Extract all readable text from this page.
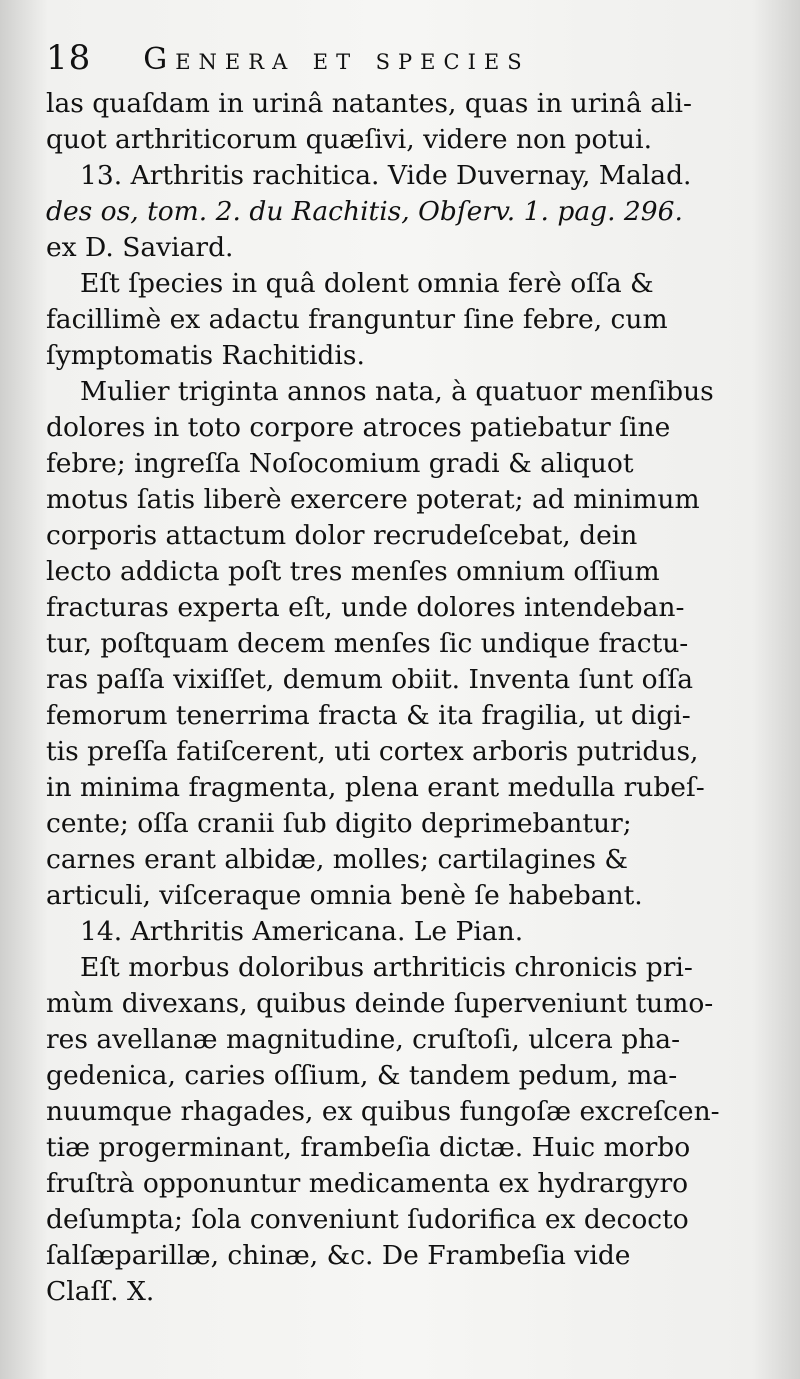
18 Genera et species
las quaſdam in urinâ natantes, quas in urinâ ali-
quot arthriticorum quæſivi, videre non potui.
13. Arthritis rachitica. Vide Duvernay, Malad.
des os, tom. 2. du Rachitis, Obſerv. 1. pag. 296.
ex D. Saviard.
Eſt ſpecies in quâ dolent omnia ferè oſſa &
facillimè ex adactu franguntur ſine febre, cum
ſymptomatis Rachitidis.
Mulier triginta annos nata, à quatuor menſibus
dolores in toto corpore atroces patiebatur ſine
febre; ingreſſa Noſocomium gradi & aliquot
motus ſatis liberè exercere poterat; ad minimum
corporis attactum dolor recrudeſcebat, dein
lecto addicta poſt tres menſes omnium oſſium
fracturas experta eſt, unde dolores intendeban-
tur, poſtquam decem menſes ſic undique fractu-
ras paſſa vixiſſet, demum obiit. Inventa ſunt oſſa
femorum tenerrima fracta & ita fragilia, ut digi-
tis preſſa fatiſcerent, uti cortex arboris putridus,
in minima fragmenta, plena erant medulla rubeſ-
cente; oſſa cranii ſub digito deprimebantur;
carnes erant albidæ, molles; cartilagines &
articuli, viſceraque omnia benè ſe habebant.
14. Arthritis Americana. Le Pian.
Eſt morbus doloribus arthriticis chronicis pri-
mùm divexans, quibus deinde ſuperveniunt tumo-
res avellanæ magnitudine, cruſtoſi, ulcera pha-
gedenica, caries oſſium, & tandem pedum, ma-
nuumque rhagades, ex quibus fungoſæ excreſcen-
tiæ progerminant, frambeſia dictæ. Huic morbo
fruſtrà opponuntur medicamenta ex hydrargyro
deſumpta; ſola conveniunt ſudorifica ex decocto
ſalſæparillæ, chinæ, &c. De Frambeſia vide
Claſſ. X.
